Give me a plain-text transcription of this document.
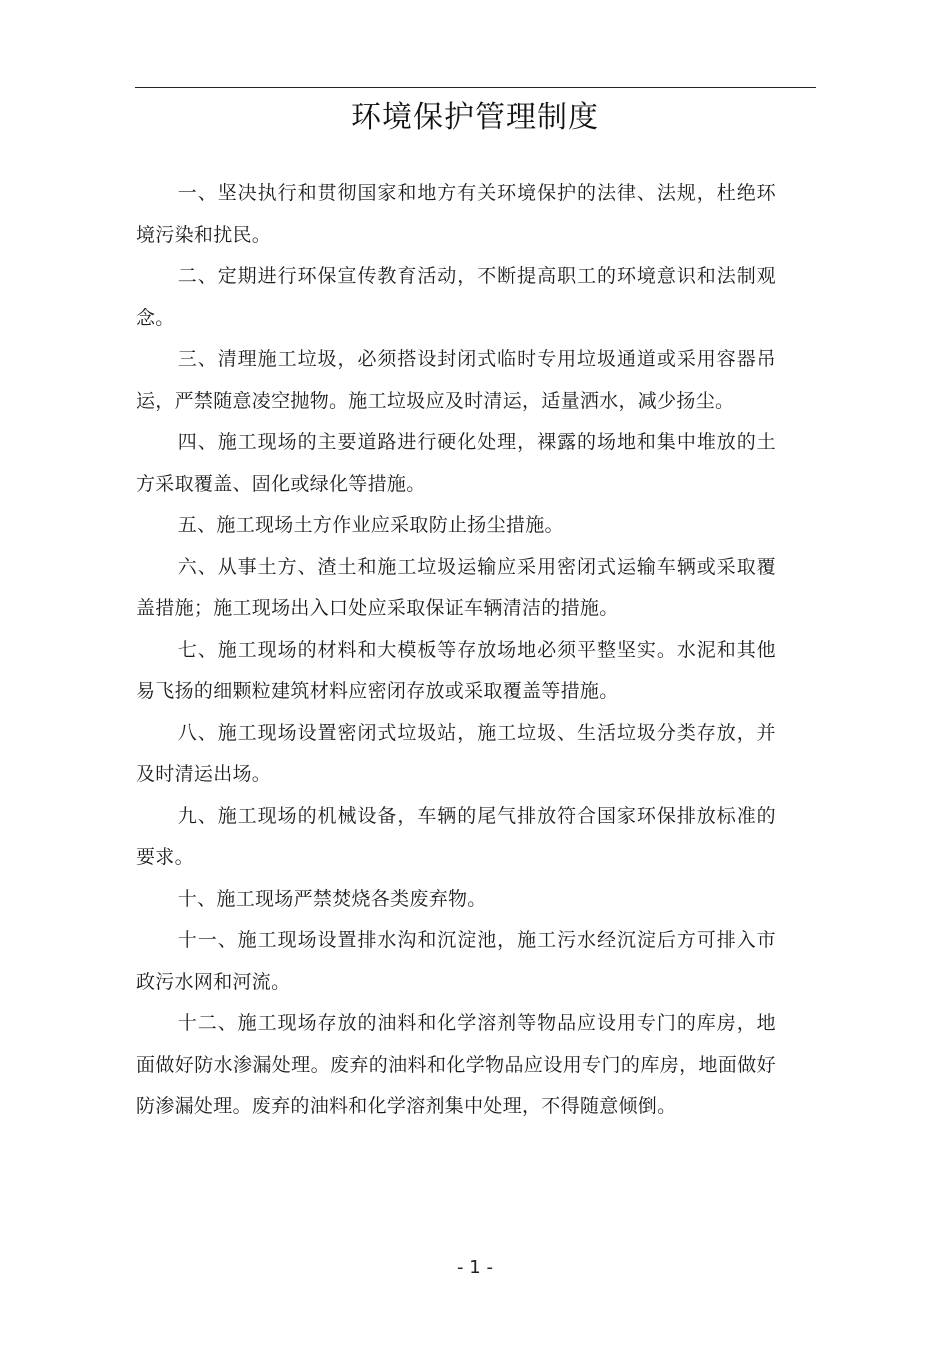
环境保护管理制度

一、坚决执行和贯彻国家和地方有关环境保护的法律、法规，杜绝环境污染和扰民。

二、定期进行环保宣传教育活动，不断提高职工的环境意识和法制观念。

三、清理施工垃圾，必须搭设封闭式临时专用垃圾通道或采用容器吊运，严禁随意凌空抛物。施工垃圾应及时清运，适量洒水，减少扬尘。

四、施工现场的主要道路进行硬化处理，裸露的场地和集中堆放的土方采取覆盖、固化或绿化等措施。

五、施工现场土方作业应采取防止扬尘措施。

六、从事土方、渣土和施工垃圾运输应采用密闭式运输车辆或采取覆盖措施；施工现场出入口处应采取保证车辆清洁的措施。

七、施工现场的材料和大模板等存放场地必须平整坚实。水泥和其他易飞扬的细颗粒建筑材料应密闭存放或采取覆盖等措施。

八、施工现场设置密闭式垃圾站，施工垃圾、生活垃圾分类存放，并及时清运出场。

九、施工现场的机械设备，车辆的尾气排放符合国家环保排放标准的要求。

十、施工现场严禁焚烧各类废弃物。

十一、施工现场设置排水沟和沉淀池，施工污水经沉淀后方可排入市政污水网和河流。

十二、施工现场存放的油料和化学溶剂等物品应设用专门的库房，地面做好防水渗漏处理。废弃的油料和化学物品应设用专门的库房，地面做好防渗漏处理。废弃的油料和化学溶剂集中处理，不得随意倾倒。

- 1 -
